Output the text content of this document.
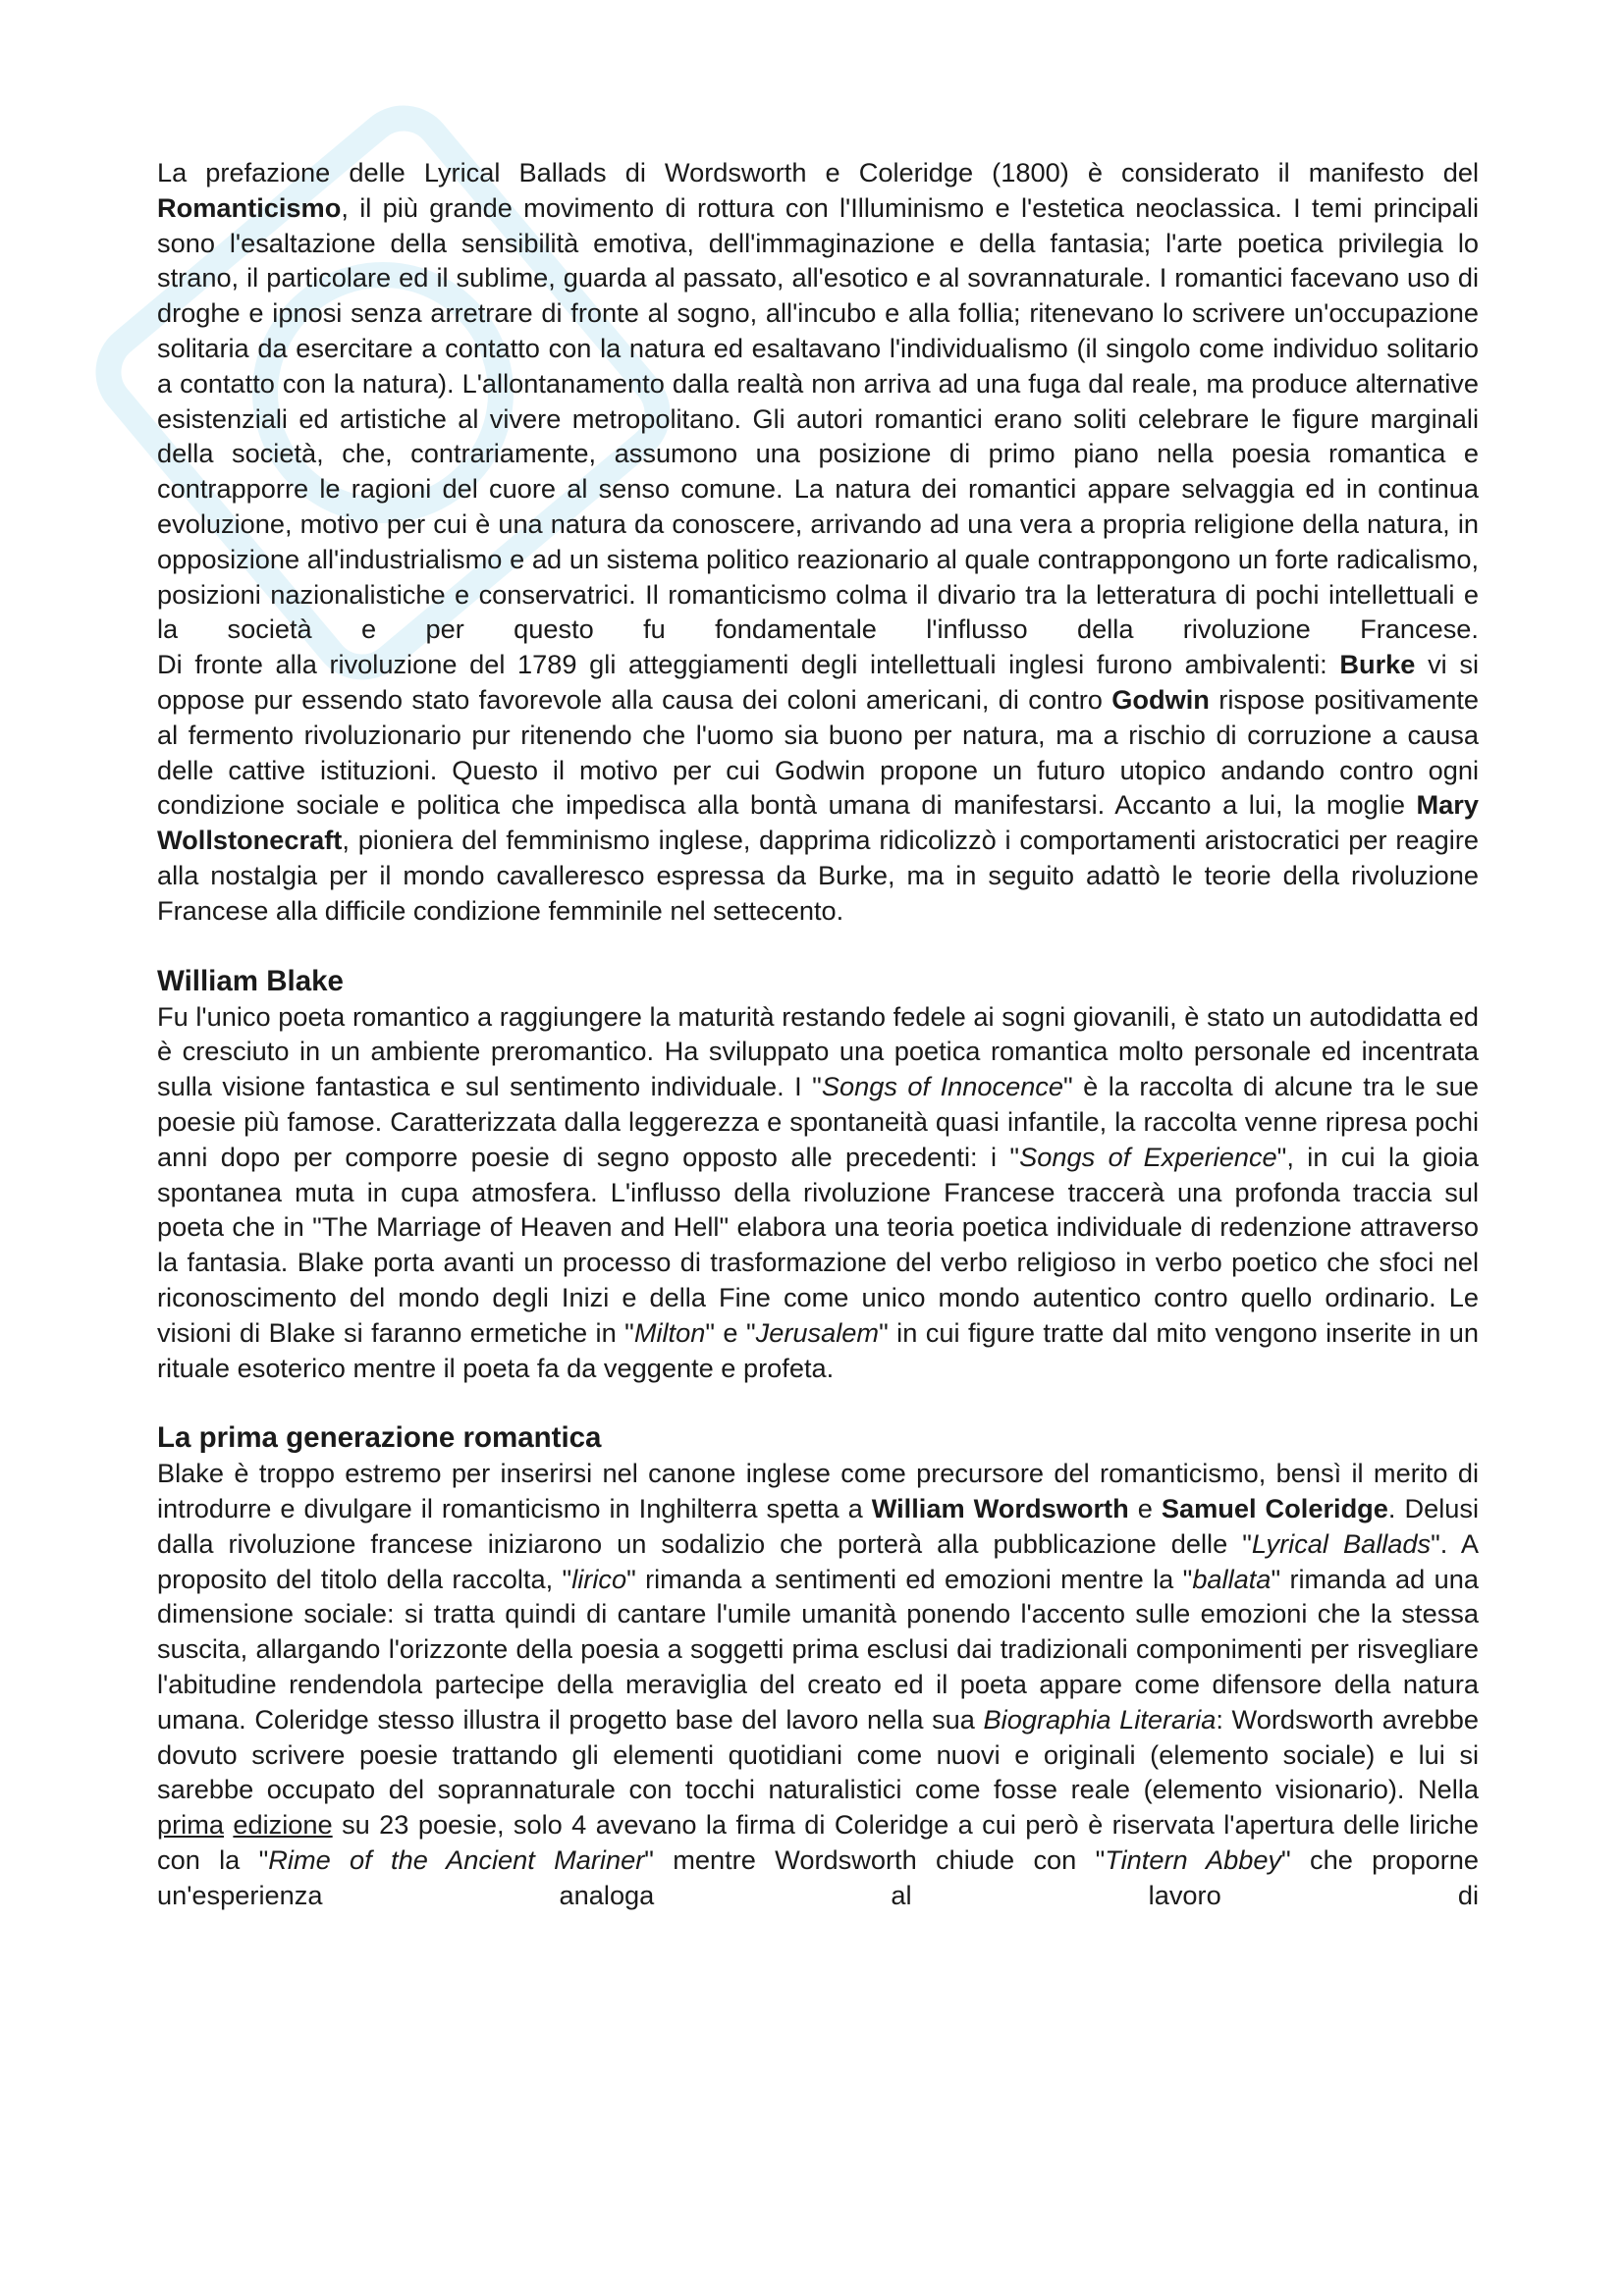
La prefazione delle Lyrical Ballads di Wordsworth e Coleridge (1800) è considerato il manifesto del Romanticismo, il più grande movimento di rottura con l'Illuminismo e l'estetica neoclassica. I temi principali sono l'esaltazione della sensibilità emotiva, dell'immaginazione e della fantasia; l'arte poetica privilegia lo strano, il particolare ed il sublime, guarda al passato, all'esotico e al sovrannaturale. I romantici facevano uso di droghe e ipnosi senza arretrare di fronte al sogno, all'incubo e alla follia; ritenevano lo scrivere un'occupazione solitaria da esercitare a contatto con la natura ed esaltavano l'individualismo (il singolo come individuo solitario a contatto con la natura). L'allontanamento dalla realtà non arriva ad una fuga dal reale, ma produce alternative esistenziali ed artistiche al vivere metropolitano. Gli autori romantici erano soliti celebrare le figure marginali della società, che, contrariamente, assumono una posizione di primo piano nella poesia romantica e contrapporre le ragioni del cuore al senso comune. La natura dei romantici appare selvaggia ed in continua evoluzione, motivo per cui è una natura da conoscere, arrivando ad una vera a propria religione della natura, in opposizione all'industrialismo e ad un sistema politico reazionario al quale contrappongono un forte radicalismo, posizioni nazionalistiche e conservatrici. Il romanticismo colma il divario tra la letteratura di pochi intellettuali e la società e per questo fu fondamentale l'influsso della rivoluzione Francese.

Di fronte alla rivoluzione del 1789 gli atteggiamenti degli intellettuali inglesi furono ambivalenti: Burke vi si oppose pur essendo stato favorevole alla causa dei coloni americani, di contro Godwin rispose positivamente al fermento rivoluzionario pur ritenendo che l'uomo sia buono per natura, ma a rischio di corruzione a causa delle cattive istituzioni. Questo il motivo per cui Godwin propone un futuro utopico andando contro ogni condizione sociale e politica che impedisca alla bontà umana di manifestarsi. Accanto a lui, la moglie Mary Wollstonecraft, pioniera del femminismo inglese, dapprima ridicolizzò i comportamenti aristocratici per reagire alla nostalgia per il mondo cavalleresco espressa da Burke, ma in seguito adattò le teorie della rivoluzione Francese alla difficile condizione femminile nel settecento.

William Blake

Fu l'unico poeta romantico a raggiungere la maturità restando fedele ai sogni giovanili, è stato un autodidatta ed è cresciuto in un ambiente preromantico. Ha sviluppato una poetica romantica molto personale ed incentrata sulla visione fantastica e sul sentimento individuale. I "Songs of Innocence" è la raccolta di alcune tra le sue poesie più famose. Caratterizzata dalla leggerezza e spontaneità quasi infantile, la raccolta venne ripresa pochi anni dopo per comporre poesie di segno opposto alle precedenti: i "Songs of Experience", in cui la gioia spontanea muta in cupa atmosfera. L'influsso della rivoluzione Francese traccerà una profonda traccia sul poeta che in "The Marriage of Heaven and Hell" elabora una teoria poetica individuale di redenzione attraverso la fantasia. Blake porta avanti un processo di trasformazione del verbo religioso in verbo poetico che sfoci nel riconoscimento del mondo degli Inizi e della Fine come unico mondo autentico contro quello ordinario. Le visioni di Blake si faranno ermetiche in "Milton" e "Jerusalem" in cui figure tratte dal mito vengono inserite in un rituale esoterico mentre il poeta fa da veggente e profeta.

La prima generazione romantica

Blake è troppo estremo per inserirsi nel canone inglese come precursore del romanticismo, bensì il merito di introdurre e divulgare il romanticismo in Inghilterra spetta a William Wordsworth e Samuel Coleridge. Delusi dalla rivoluzione francese iniziarono un sodalizio che porterà alla pubblicazione delle "Lyrical Ballads". A proposito del titolo della raccolta, "lirico" rimanda a sentimenti ed emozioni mentre la "ballata" rimanda ad una dimensione sociale: si tratta quindi di cantare l'umile umanità ponendo l'accento sulle emozioni che la stessa suscita, allargando l'orizzonte della poesia a soggetti prima esclusi dai tradizionali componimenti per risvegliare l'abitudine rendendola partecipe della meraviglia del creato ed il poeta appare come difensore della natura umana. Coleridge stesso illustra il progetto base del lavoro nella sua Biographia Literaria: Wordsworth avrebbe dovuto scrivere poesie trattando gli elementi quotidiani come nuovi e originali (elemento sociale) e lui si sarebbe occupato del soprannaturale con tocchi naturalistici come fosse reale (elemento visionario). Nella prima edizione su 23 poesie, solo 4 avevano la firma di Coleridge a cui però è riservata l'apertura delle liriche con la "Rime of the Ancient Mariner" mentre Wordsworth chiude con "Tintern Abbey" che proporne un'esperienza analoga al lavoro di
